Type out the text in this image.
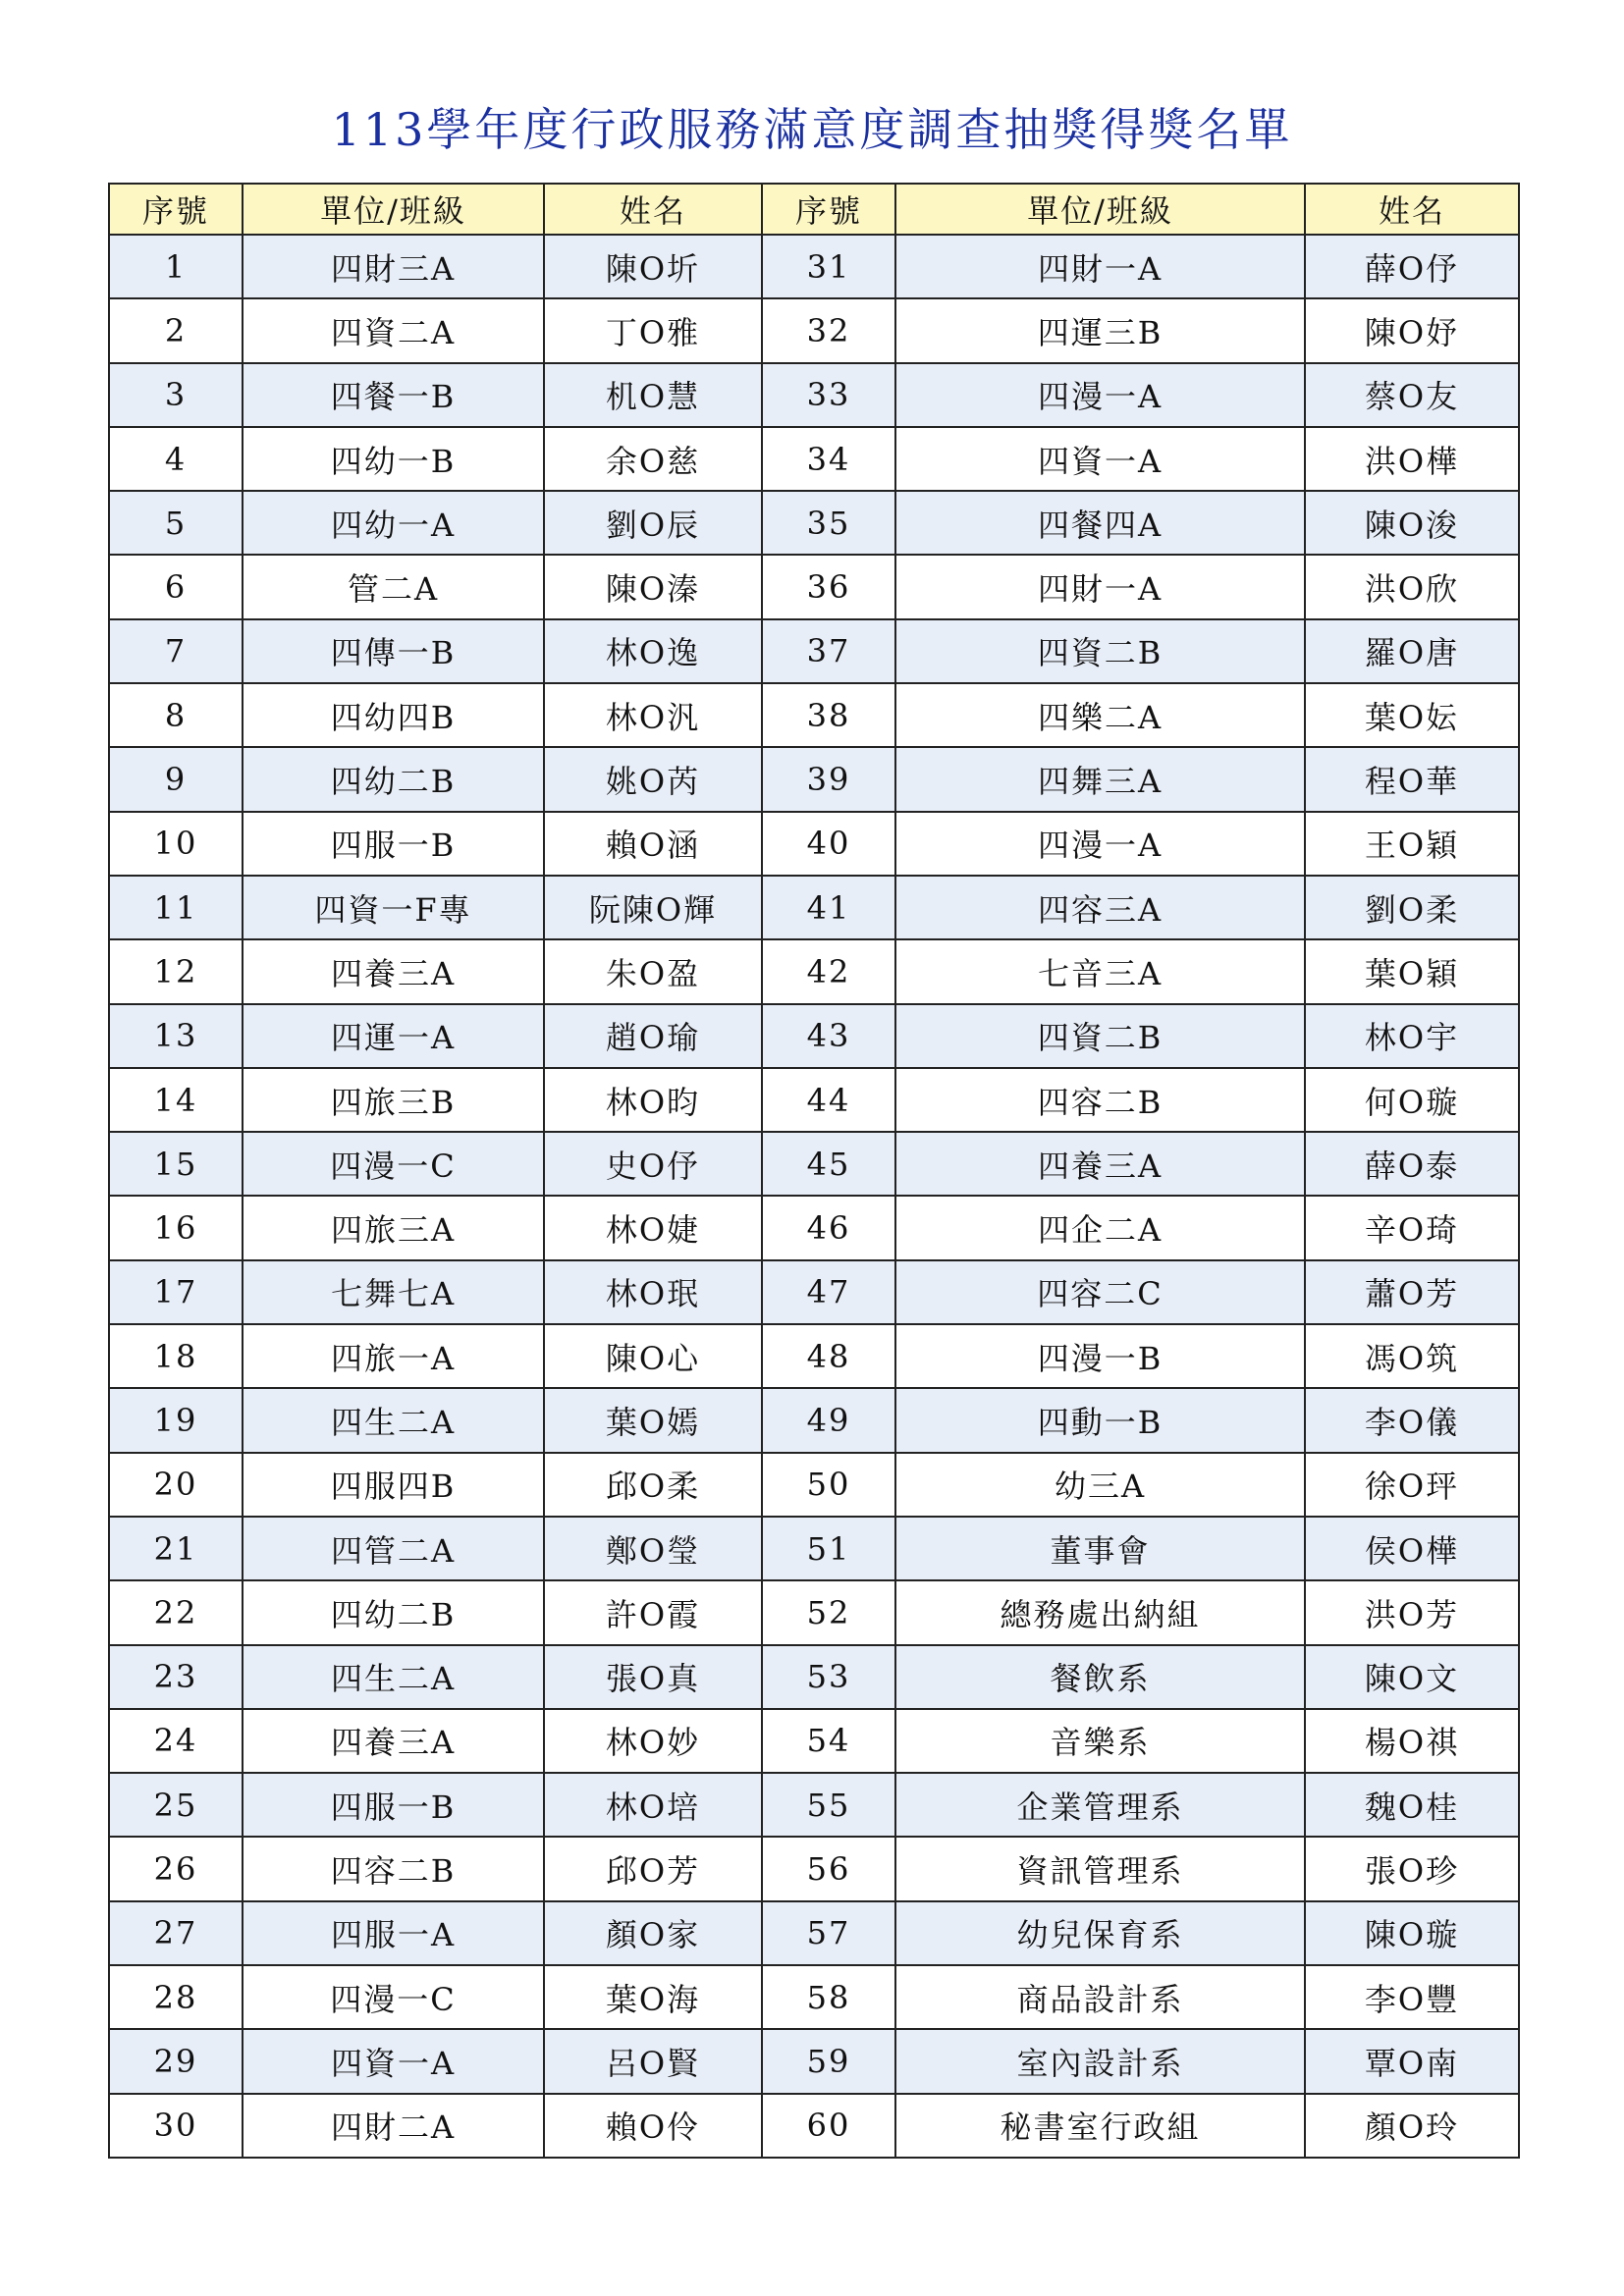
113學年度行政服務滿意度調查抽獎得獎名單
序號	單位/班級	姓名	序號	單位/班級	姓名
1	四財三A	陳O圻	31	四財一A	薛O伃
2	四資二A	丁O雅	32	四運三B	陳O妤
3	四餐一B	机O慧	33	四漫一A	蔡O友
4	四幼一B	余O慈	34	四資一A	洪O樺
5	四幼一A	劉O辰	35	四餐四A	陳O浚
6	管二A	陳O溱	36	四財一A	洪O欣
7	四傳一B	林O逸	37	四資二B	羅O唐
8	四幼四B	林O汎	38	四樂二A	葉O妘
9	四幼二B	姚O芮	39	四舞三A	程O華
10	四服一B	賴O涵	40	四漫一A	王O穎
11	四資一F專	阮陳O輝	41	四容三A	劉O柔
12	四養三A	朱O盈	42	七音三A	葉O穎
13	四運一A	趙O瑜	43	四資二B	林O宇
14	四旅三B	林O昀	44	四容二B	何O璇
15	四漫一C	史O伃	45	四養三A	薛O泰
16	四旅三A	林O婕	46	四企二A	辛O琦
17	七舞七A	林O珉	47	四容二C	蕭O芳
18	四旅一A	陳O心	48	四漫一B	馮O筑
19	四生二A	葉O嫣	49	四動一B	李O儀
20	四服四B	邱O柔	50	幼三A	徐O玶
21	四管二A	鄭O瑩	51	董事會	侯O樺
22	四幼二B	許O霞	52	總務處出納組	洪O芳
23	四生二A	張O真	53	餐飲系	陳O文
24	四養三A	林O妙	54	音樂系	楊O祺
25	四服一B	林O培	55	企業管理系	魏O桂
26	四容二B	邱O芳	56	資訊管理系	張O珍
27	四服一A	顏O家	57	幼兒保育系	陳O璇
28	四漫一C	葉O海	58	商品設計系	李O豐
29	四資一A	呂O賢	59	室內設計系	覃O南
30	四財二A	賴O伶	60	秘書室行政組	顏O玲
